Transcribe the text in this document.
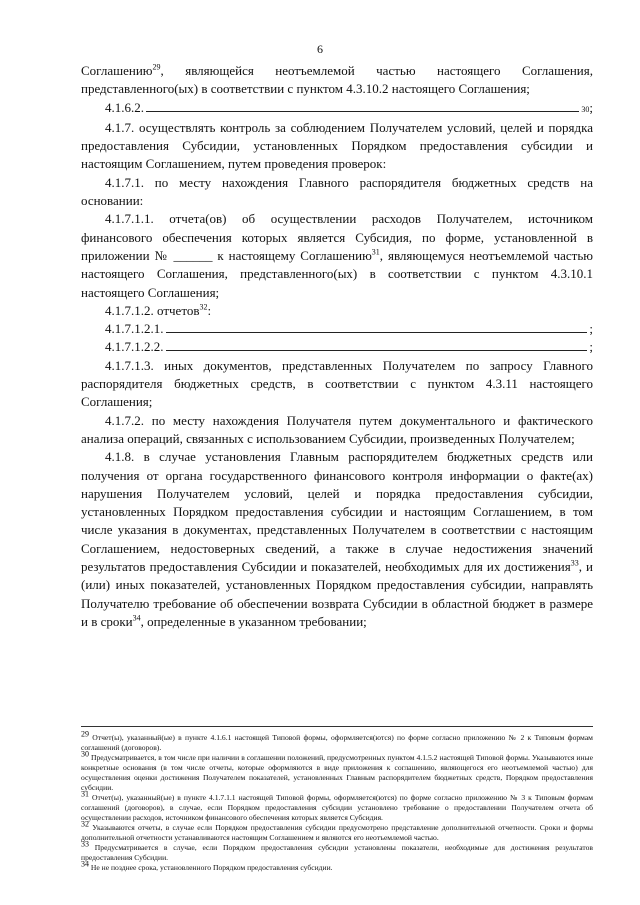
6

Соглашению$^{29}$, являющейся неотъемлемой частью настоящего Соглашения, представленного(ых) в соответствии с пунктом 4.3.10.2 настоящего Соглашения;

4.1.6.2.	30 ;

4.1.7. осуществлять контроль за соблюдением Получателем условий, целей и порядка предоставления Субсидии, установленных Порядком предоставления субсидии и настоящим Соглашением, путем проведения проверок:

4.1.7.1. по месту нахождения Главного распорядителя бюджетных средств на основании:

4.1.7.1.1. отчета(ов) об осуществлении расходов Получателем, источником финансового обеспечения которых является Субсидия, по форме, установленной в приложении № ______ к настоящему Соглашению$^{31}$, являющемуся неотъемлемой частью настоящего Соглашения, представленного(ых) в соответствии с пунктом 4.3.10.1 настоящего Соглашения;

4.1.7.1.2. отчетов$^{32}$:

4.1.7.1.2.1.	;
4.1.7.1.2.2.	;

4.1.7.1.3. иных документов, представленных Получателем по запросу Главного распорядителя бюджетных средств, в соответствии с пунктом 4.3.11 настоящего Соглашения;

4.1.7.2. по месту нахождения Получателя путем документального и фактического анализа операций, связанных с использованием Субсидии, произведенных Получателем;

4.1.8. в случае установления Главным распорядителем бюджетных средств или получения от органа государственного финансового контроля информации о факте(ах) нарушения Получателем условий, целей и порядка предоставления субсидии, установленных Порядком предоставления субсидии и настоящим Соглашением, в том числе указания в документах, представленных Получателем в соответствии с настоящим Соглашением, недостоверных сведений, а также в случае недостижения значений результатов предоставления Субсидии и показателей, необходимых для их достижения$^{33}$, и (или) иных показателей, установленных Порядком предоставления субсидии, направлять Получателю требование об обеспечении возврата Субсидии в областной бюджет в размере и в сроки$^{34}$, определенные в указанном требовании;

$^{29}$ Отчет(ы), указанный(ые) в пункте 4.1.6.1 настоящей Типовой формы, оформляется(ются) по форме согласно приложению № 2 к Типовым формам соглашений (договоров).

$^{30}$ Предусматривается, в том числе при наличии в соглашении положений, предусмотренных пунктом 4.1.5.2 настоящей Типовой формы. Указываются иные конкретные основания (в том числе отчеты, которые оформляются в виде приложения к соглашению, являющегося его неотъемлемой частью) для осуществления оценки достижения Получателем показателей, установленных Главным распорядителем бюджетных средств, Порядком предоставления субсидии.

$^{31}$ Отчет(ы), указанный(ые) в пункте 4.1.7.1.1 настоящей Типовой формы, оформляется(ются) по форме согласно приложению № 3 к Типовым формам соглашений (договоров), в случае, если Порядком предоставления субсидии установлено требование о предоставлении Получателем отчета об осуществлении расходов, источником финансового обеспечения которых является Субсидия.

$^{32}$ Указываются отчеты, в случае если Порядком предоставления субсидии предусмотрено представление дополнительной отчетности. Сроки и формы дополнительной отчетности устанавливаются настоящим Соглашением и являются его неотъемлемой частью.

$^{33}$ Предусматривается в случае, если Порядком предоставления субсидии установлены показатели, необходимые для достижения результатов предоставления Субсидии.

$^{34}$ Не не позднее срока, установленного Порядком предоставления субсидии.
